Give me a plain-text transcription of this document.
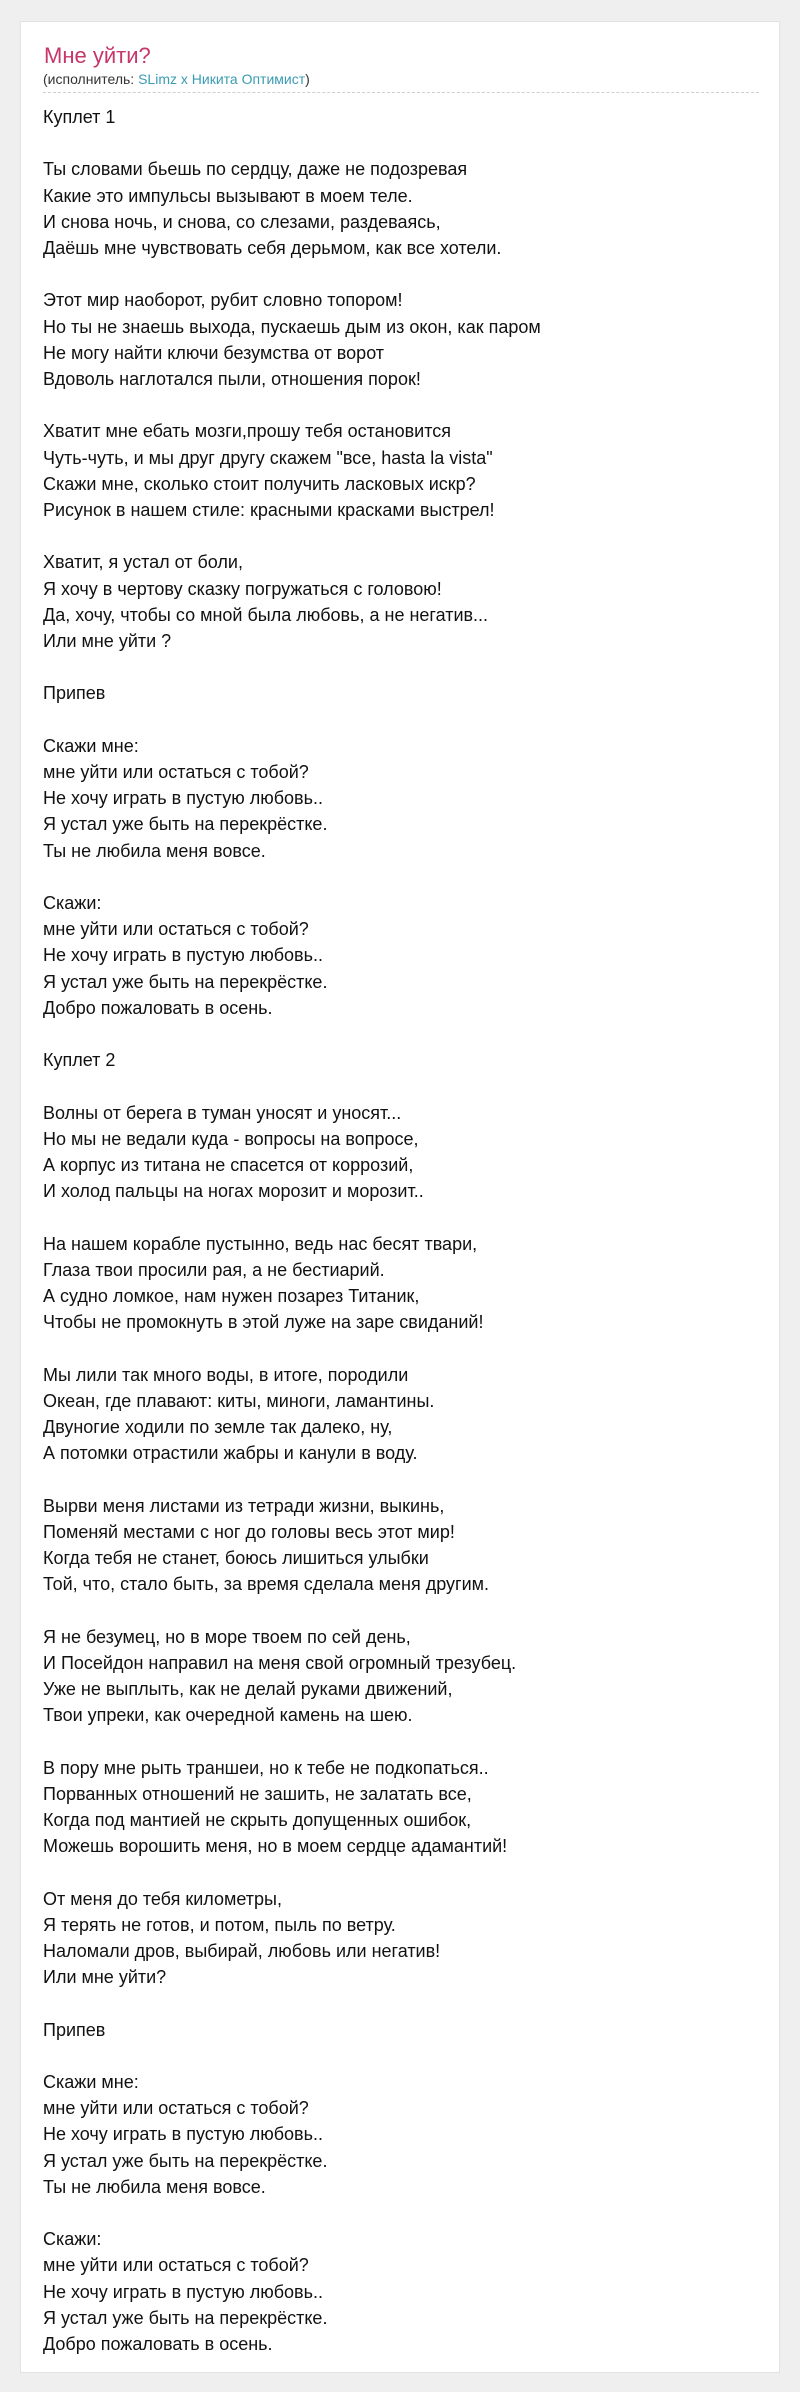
Мне уйти?
(исполнитель: SLimz x Никита Оптимист)
Куплет 1
Ты словами бьешь по сердцу, даже не подозревая
Какие это импульсы вызывают в моем теле.
И снова ночь, и снова, со слезами, раздеваясь,
Даёшь мне чувствовать себя дерьмом, как все хотели.
Этот мир наоборот, рубит словно топором!
Но ты не знаешь выхода, пускаешь дым из окон, как паром
Не могу найти ключи безумства от ворот
Вдоволь наглотался пыли, отношения порок!
Хватит мне ебать мозги,прошу тебя остановится
Чуть-чуть, и мы друг другу скажем "все, hasta la vista"
Скажи мне, сколько стоит получить ласковых искр?
Рисунок в нашем стиле: красными красками выстрел!
Хватит, я устал от боли,
Я хочу в чертову сказку погружаться с головою!
Да, хочу, чтобы со мной была любовь, а не негатив...
Или мне уйти ?
Припев
Скажи мне:
мне уйти или остаться с тобой?
Не хочу играть в пустую любовь..
Я устал уже быть на перекрёстке.
Ты не любила меня вовсе.
Скажи:
мне уйти или остаться с тобой?
Не хочу играть в пустую любовь..
Я устал уже быть на перекрёстке.
Добро пожаловать в осень.
Куплет 2
Волны от берега в туман уносят и уносят...
Но мы не ведали куда - вопросы на вопросе,
А корпус из титана не спасется от коррозий,
И холод пальцы на ногах морозит и морозит..
На нашем корабле пустынно, ведь нас бесят твари,
Глаза твои просили рая, а не бестиарий.
А судно ломкое, нам нужен позарез Титаник,
Чтобы не промокнуть в этой луже на заре свиданий!
Мы лили так много воды, в итоге, породили
Океан, где плавают: киты, миноги, ламантины.
Двуногие ходили по земле так далеко, ну,
А потомки отрастили жабры и канули в воду.
Вырви меня листами из тетради жизни, выкинь,
Поменяй местами с ног до головы весь этот мир!
Когда тебя не станет, боюсь лишиться улыбки
Той, что, стало быть, за время сделала меня другим.
Я не безумец, но в море твоем по сей день,
И Посейдон направил на меня свой огромный трезубец.
Уже не выплыть, как не делай руками движений,
Твои упреки, как очередной камень на шею.
В пору мне рыть траншеи, но к тебе не подкопаться..
Порванных отношений не зашить, не залатать все,
Когда под мантией не скрыть допущенных ошибок,
Можешь ворошить меня, но в моем сердце адамантий!
От меня до тебя километры,
Я терять не готов, и потом, пыль по ветру.
Наломали дров, выбирай, любовь или негатив!
Или мне уйти?
Припев
Скажи мне:
мне уйти или остаться с тобой?
Не хочу играть в пустую любовь..
Я устал уже быть на перекрёстке.
Ты не любила меня вовсе.
Скажи:
мне уйти или остаться с тобой?
Не хочу играть в пустую любовь..
Я устал уже быть на перекрёстке.
Добро пожаловать в осень.
